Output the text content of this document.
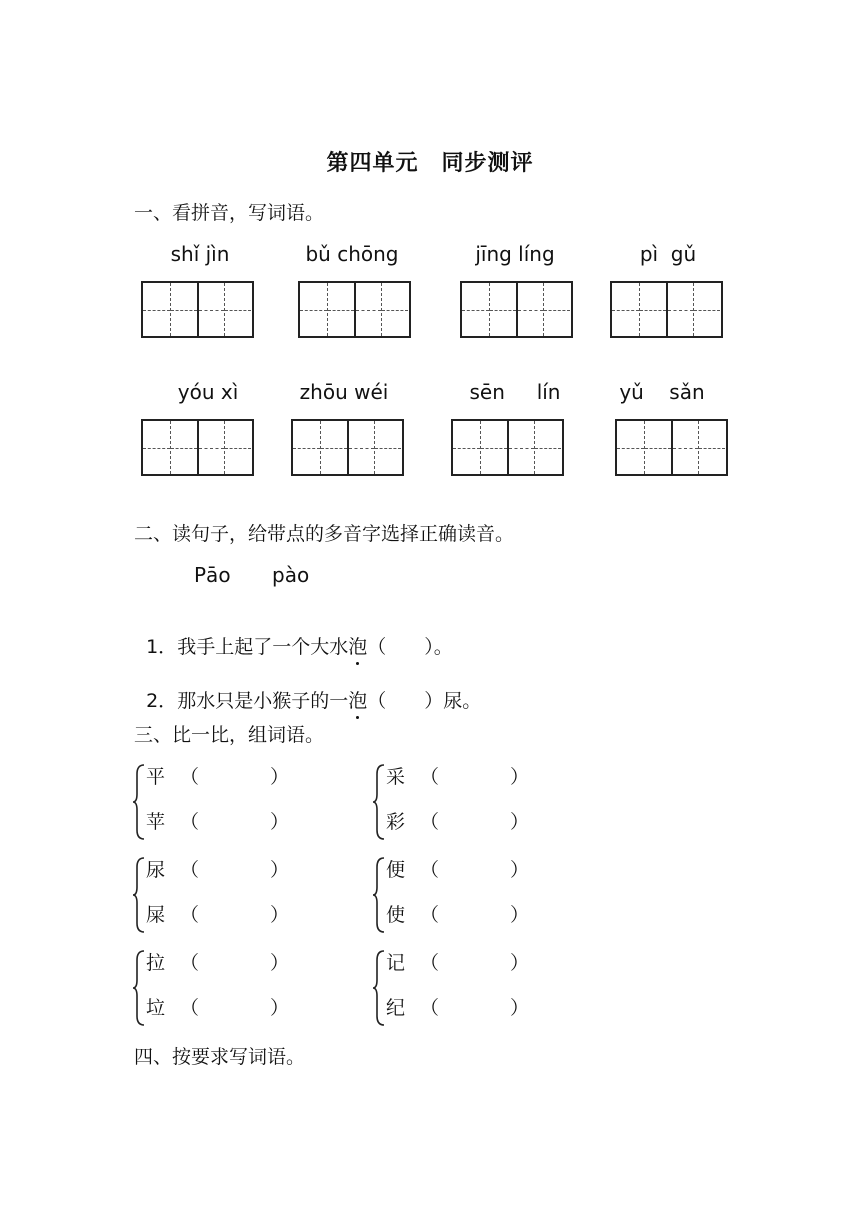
第四单元　同步测评
一、看拼音，写词语。
shǐ jìn	bǔ chōng	jīng líng	pì  gǔ
yóu xì	zhōu wéi	sēn     lín	yǔ    sǎn
二、读句子，给带点的多音字选择正确读音。
Pāo	pào

1．我手上起了一个大水泡（　　）。

2．那水只是小猴子的一泡（　　）尿。

三、比一比，组词语。
平 （	）
苹 （	）
采 （	）
彩 （	）
尿 （	）
屎 （	）
便 （	）
使 （	）
拉 （	）
垃 （	）
记 （	）
纪 （	）
四、按要求写词语。
